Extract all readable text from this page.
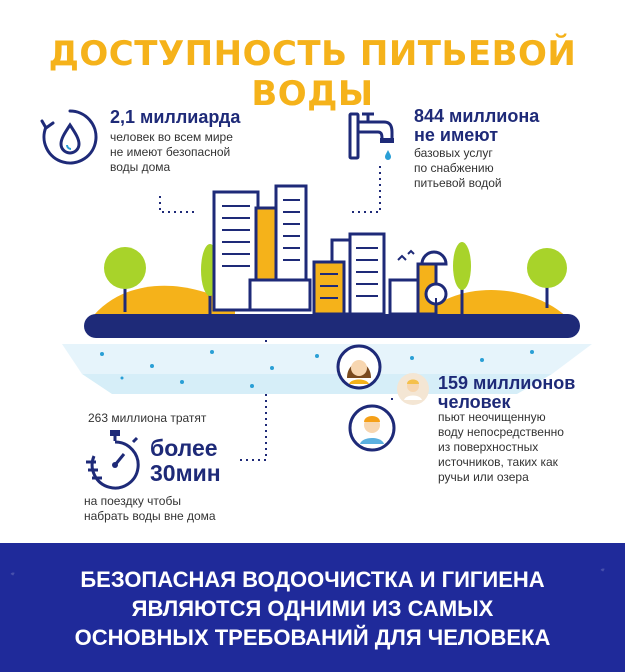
ДОСТУПНОСТЬ ПИТЬЕВОЙ ВОДЫ
2,1 миллиарда
человек во всем мире
не имеют безопасной
воды дома
844 миллиона
не имеют
базовых услуг
по снабжению
питьевой водой
159 миллионов
человек
пьют неочищенную
воду непосредственно
из поверхностных
источников, таких как
ручьи или озера
263 миллиона тратят
более
30мин
на поездку чтобы
набрать воды вне дома
◔	◔
БЕЗОПАСНАЯ ВОДООЧИСТКА И ГИГИЕНА
ЯВЛЯЮТСЯ ОДНИМИ ИЗ САМЫХ
ОСНОВНЫХ ТРЕБОВАНИЙ ДЛЯ ЧЕЛОВЕКА
